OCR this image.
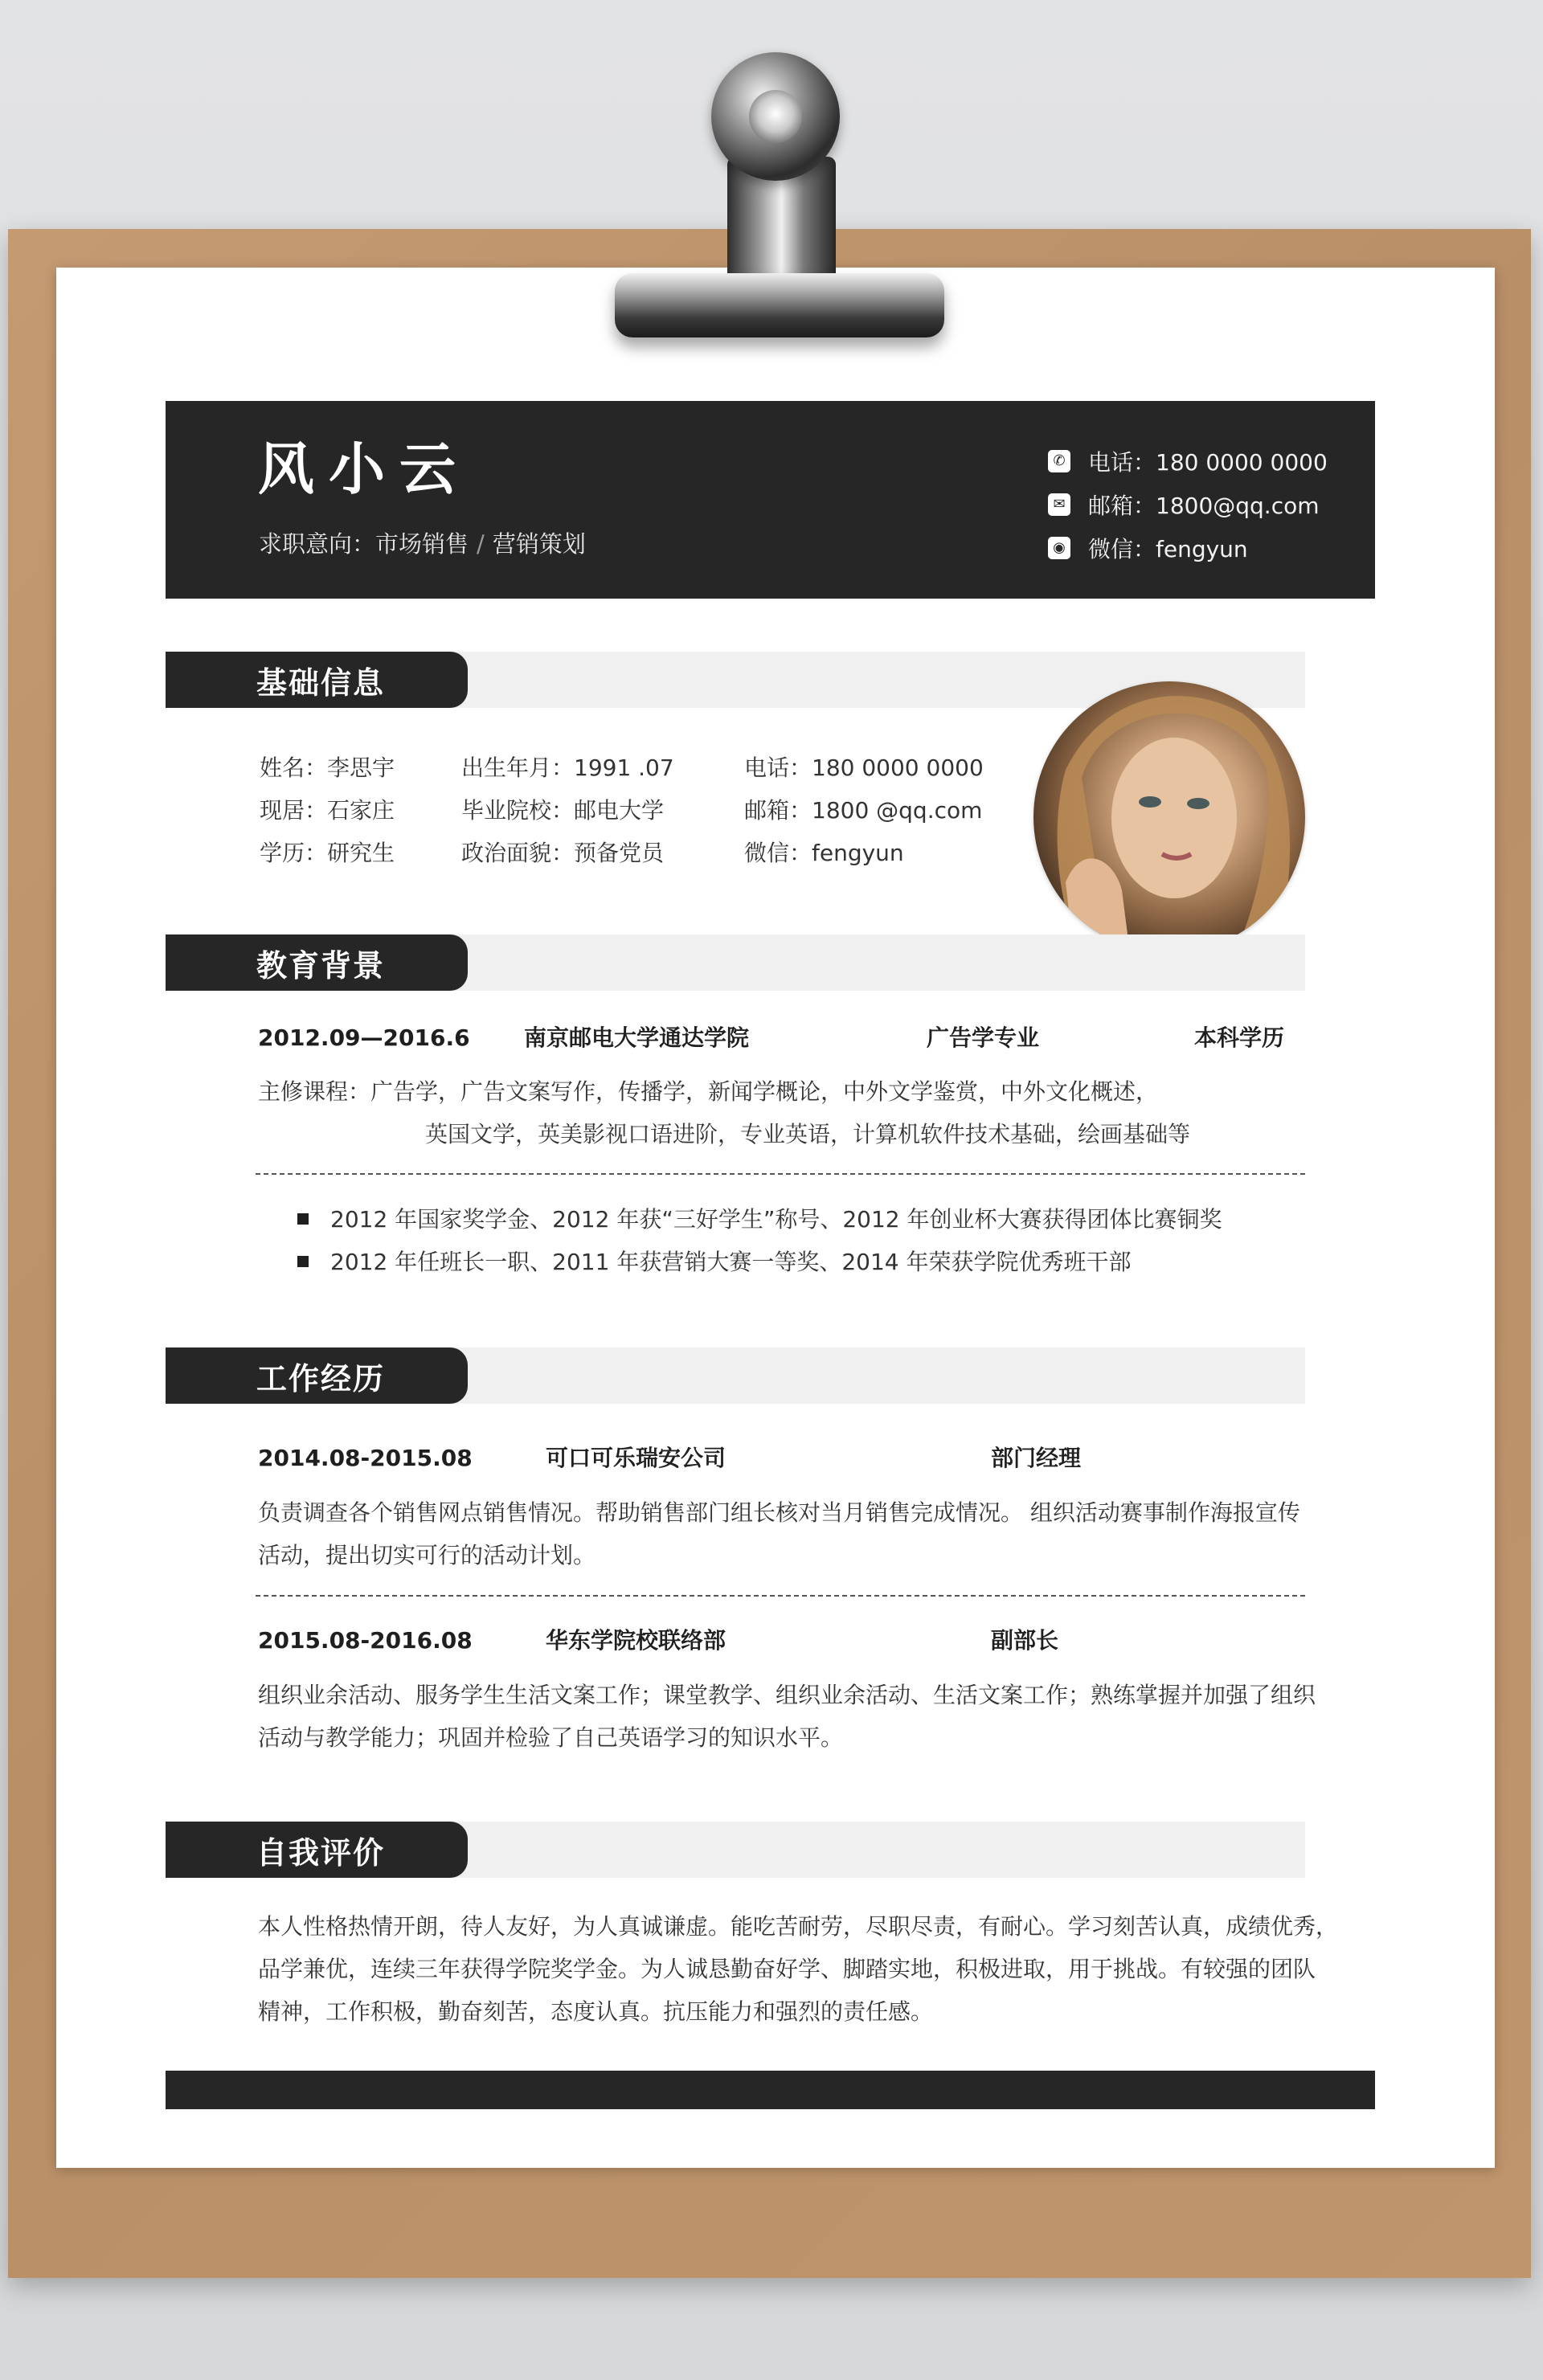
风小云
求职意向：市场销售 / 营销策划
✆ 电话：180 0000 0000
✉ 邮箱：1800@qq.com
◉ 微信：fengyun
基础信息
姓名：李思宇	出生年月：1991 .07	电话：180 0000 0000
现居：石家庄	毕业院校：邮电大学	邮箱：1800 @qq.com
学历：研究生	政治面貌：预备党员	微信：fengyun
教育背景
2012.09—2016.6 南京邮电大学通达学院	广告学专业	本科学历
主修课程：广告学，广告文案写作，传播学，新闻学概论，中外文学鉴赏，中外文化概述，
英国文学，英美影视口语进阶，专业英语，计算机软件技术基础，绘画基础等
2012 年国家奖学金、2012 年获“三好学生”称号、2012 年创业杯大赛获得团体比赛铜奖
2012 年任班长一职、2011 年获营销大赛一等奖、2014 年荣获学院优秀班干部
工作经历
2014.08-2015.08	可口可乐瑞安公司	部门经理
负责调查各个销售网点销售情况。帮助销售部门组长核对当月销售完成情况。 组织活动赛事制作海报宣传
活动，提出切实可行的活动计划。
2015.08-2016.08	华东学院校联络部	副部长
组织业余活动、服务学生生活文案工作；课堂教学、组织业余活动、生活文案工作；熟练掌握并加强了组织
活动与教学能力；巩固并检验了自己英语学习的知识水平。
自我评价
本人性格热情开朗，待人友好，为人真诚谦虚。能吃苦耐劳，尽职尽责，有耐心。学习刻苦认真，成绩优秀，
品学兼优，连续三年获得学院奖学金。为人诚恳勤奋好学、脚踏实地，积极进取，用于挑战。有较强的团队
精神，工作积极，勤奋刻苦，态度认真。抗压能力和强烈的责任感。
